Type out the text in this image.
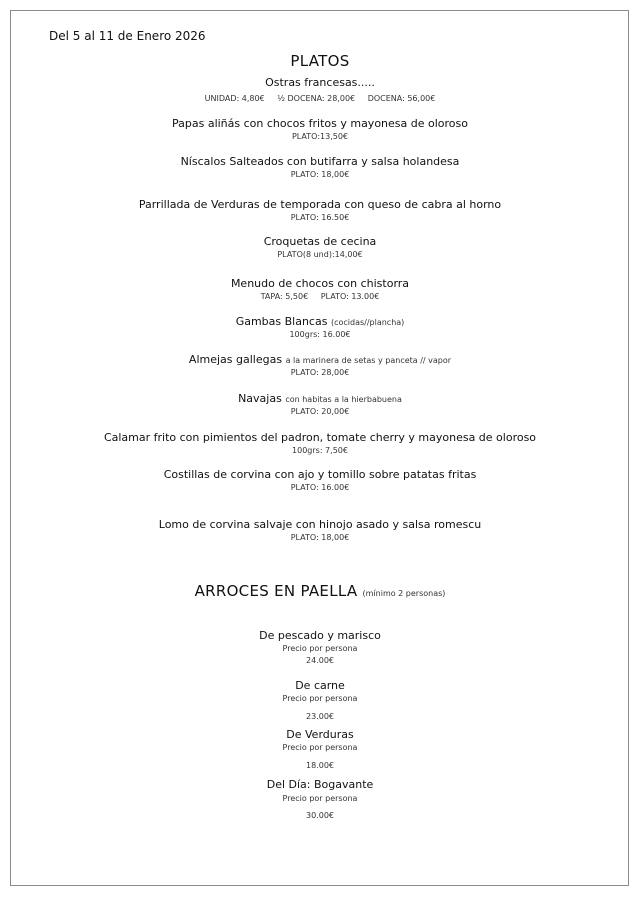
Del 5 al 11 de Enero 2026
PLATOS
Ostras francesas.....
UNIDAD: 4,80€ ½ DOCENA: 28,00€ DOCENA: 56,00€
Papas aliñás con chocos fritos y mayonesa de oloroso
PLATO:13,50€
Níscalos Salteados con butifarra y salsa holandesa
PLATO: 18,00€
Parrillada de Verduras de temporada con queso de cabra al horno
PLATO: 16.50€
Croquetas de cecina
PLATO(8 und):14,00€
Menudo de chocos con chistorra
TAPA: 5,50€ PLATO: 13.00€
Gambas Blancas (cocidas//plancha)
100grs: 16.00€
Almejas gallegas a la marinera de setas y panceta // vapor
PLATO: 28,00€
Navajas con habitas a la hierbabuena
PLATO: 20,00€
Calamar frito con pimientos del padron, tomate cherry y mayonesa de oloroso
100grs: 7,50€
Costillas de corvina con ajo y tomillo sobre patatas fritas
PLATO: 16.00€
Lomo de corvina salvaje con hinojo asado y salsa romescu
PLATO: 18,00€
ARROCES EN PAELLA (mínimo 2 personas)
De pescado y marisco
Precio por persona
24.00€
De carne
Precio por persona
23.00€
De Verduras
Precio por persona
18.00€
Del Día: Bogavante
Precio por persona
30.00€
